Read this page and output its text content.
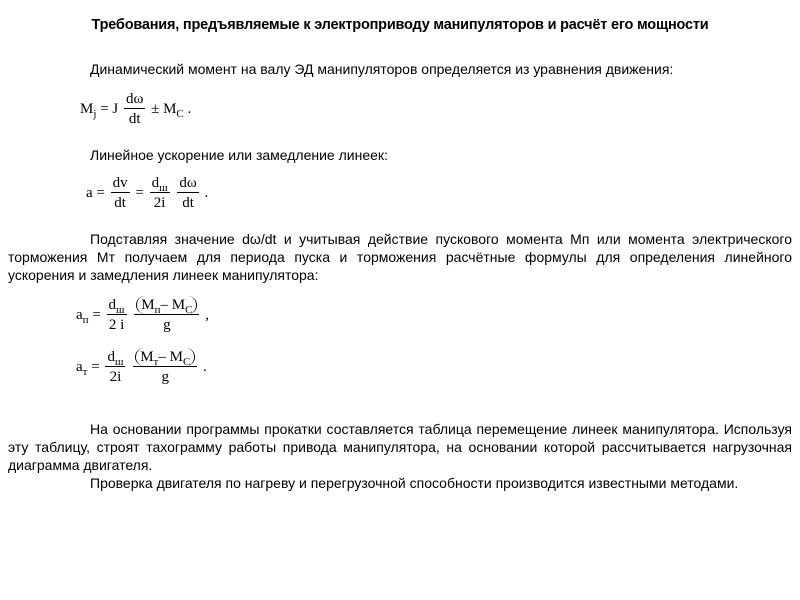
Требования, предъявляемые к электроприводу манипуляторов и расчёт его мощности
Динамический момент на валу ЭД манипуляторов определяется из уравнения движения:
$M_j = J \frac{d\omega}{dt} \pm M_C$ .
Линейное ускорение или замедление линеек:
$a = \frac{dv}{dt} = \frac{d_ш}{2i}$
$\frac{d\omega}{dt}$ .
Подставляя значение dω/dt и учитывая действие пускового момента Мп или момента электрического торможения Мт получаем для периода пуска и торможения расчётные формулы для определения линейного ускорения и замедления линеек манипулятора:
$a_п = \frac{d_ш}{2 i}$
$\frac{M_п- M_C}{g}$ ,
$a_т = \frac{d_ш}{2i}$
$\frac{M_т- M_C}{g}$ .
На основании программы прокатки составляется таблица перемещение линеек манипулятора. Используя эту таблицу, строят тахограмму работы привода манипулятора, на основании которой рассчитывается нагрузочная диаграмма двигателя.
Проверка двигателя по нагреву и перегрузочной способности производится известными методами.
